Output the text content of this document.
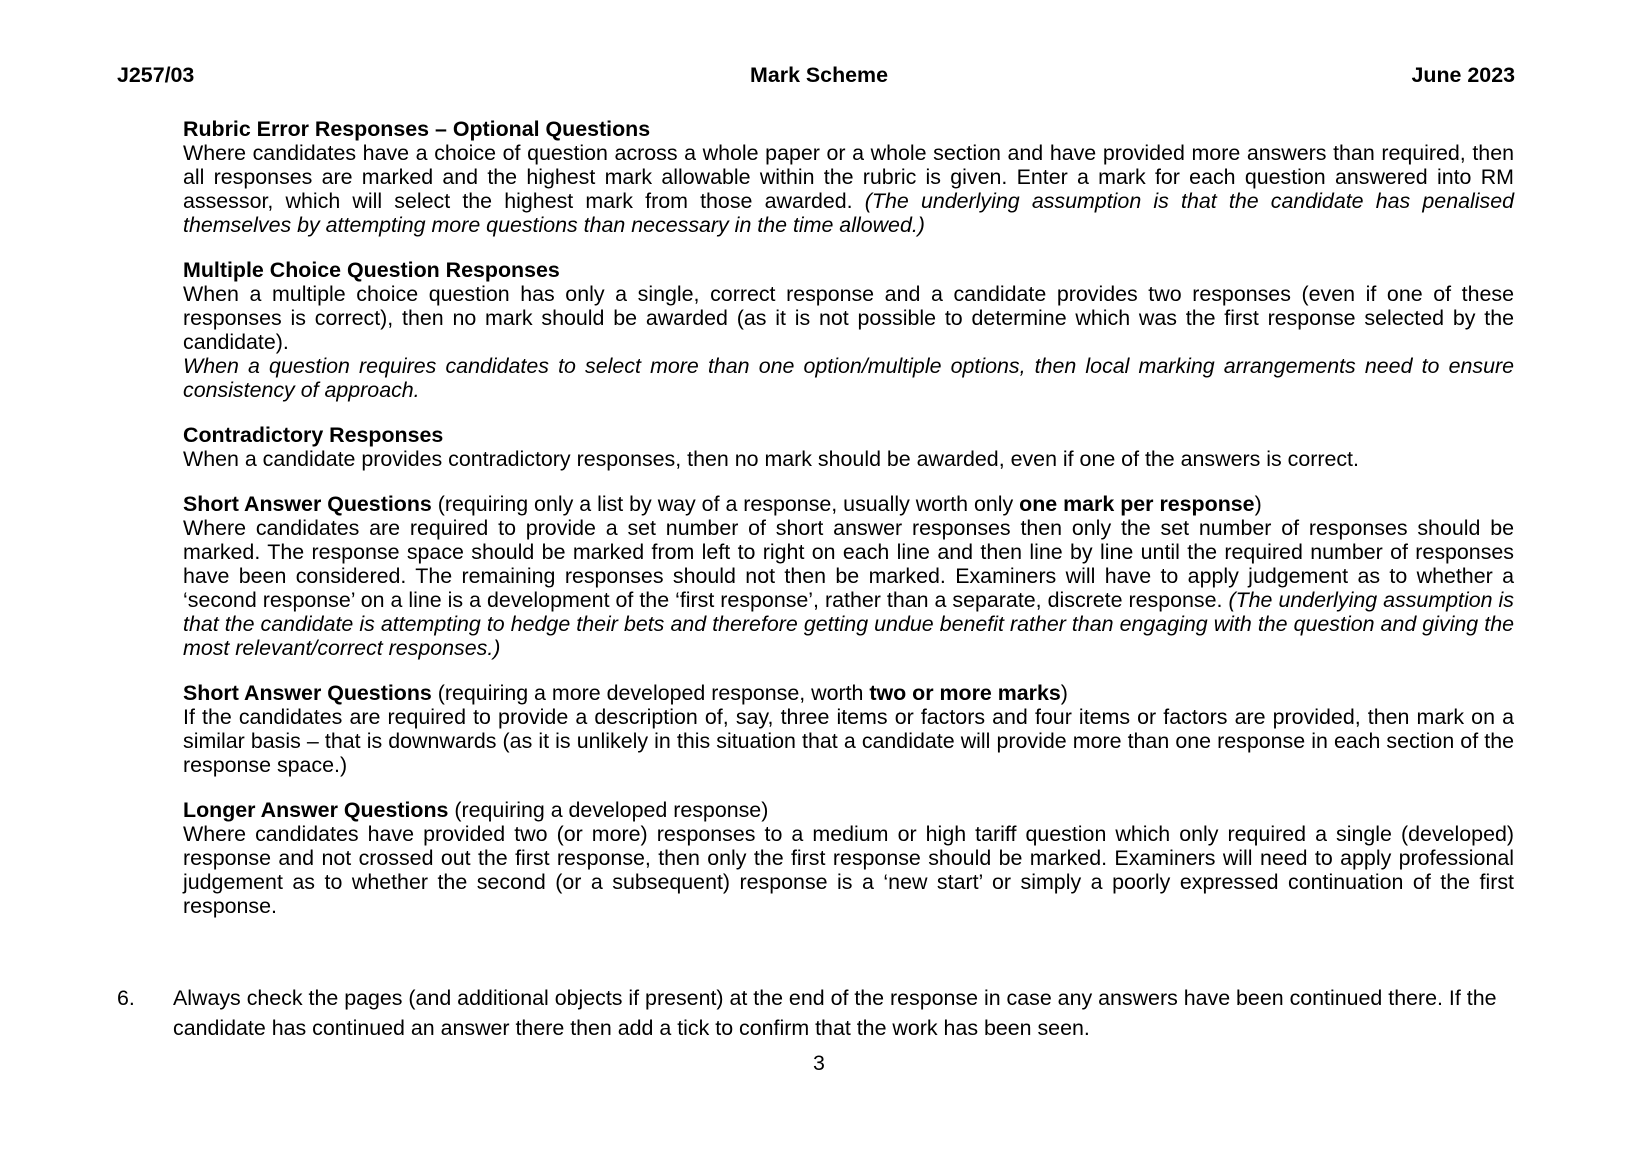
J257/03	Mark Scheme	June 2023
Rubric Error Responses – Optional Questions

Where candidates have a choice of question across a whole paper or a whole section and have provided more answers than required, then all responses are marked and the highest mark allowable within the rubric is given. Enter a mark for each question answered into RM assessor, which will select the highest mark from those awarded. (The underlying assumption is that the candidate has penalised themselves by attempting more questions than necessary in the time allowed.)

Multiple Choice Question Responses

When a multiple choice question has only a single, correct response and a candidate provides two responses (even if one of these responses is correct), then no mark should be awarded (as it is not possible to determine which was the first response selected by the candidate).

When a question requires candidates to select more than one option/multiple options, then local marking arrangements need to ensure consistency of approach.

Contradictory Responses

When a candidate provides contradictory responses, then no mark should be awarded, even if one of the answers is correct.

Short Answer Questions (requiring only a list by way of a response, usually worth only one mark per response)

Where candidates are required to provide a set number of short answer responses then only the set number of responses should be marked. The response space should be marked from left to right on each line and then line by line until the required number of responses have been considered. The remaining responses should not then be marked. Examiners will have to apply judgement as to whether a ‘second response’ on a line is a development of the ‘first response’, rather than a separate, discrete response. (The underlying assumption is that the candidate is attempting to hedge their bets and therefore getting undue benefit rather than engaging with the question and giving the most relevant/correct responses.)

Short Answer Questions (requiring a more developed response, worth two or more marks)

If the candidates are required to provide a description of, say, three items or factors and four items or factors are provided, then mark on a similar basis – that is downwards (as it is unlikely in this situation that a candidate will provide more than one response in each section of the response space.)

Longer Answer Questions (requiring a developed response)

Where candidates have provided two (or more) responses to a medium or high tariff question which only required a single (developed) response and not crossed out the first response, then only the first response should be marked. Examiners will need to apply professional judgement as to whether the second (or a subsequent) response is a ‘new start’ or simply a poorly expressed continuation of the first response.

6. Always check the pages (and additional objects if present) at the end of the response in case any answers have been continued there. If the candidate has continued an answer there then add a tick to confirm that the work has been seen.
3
